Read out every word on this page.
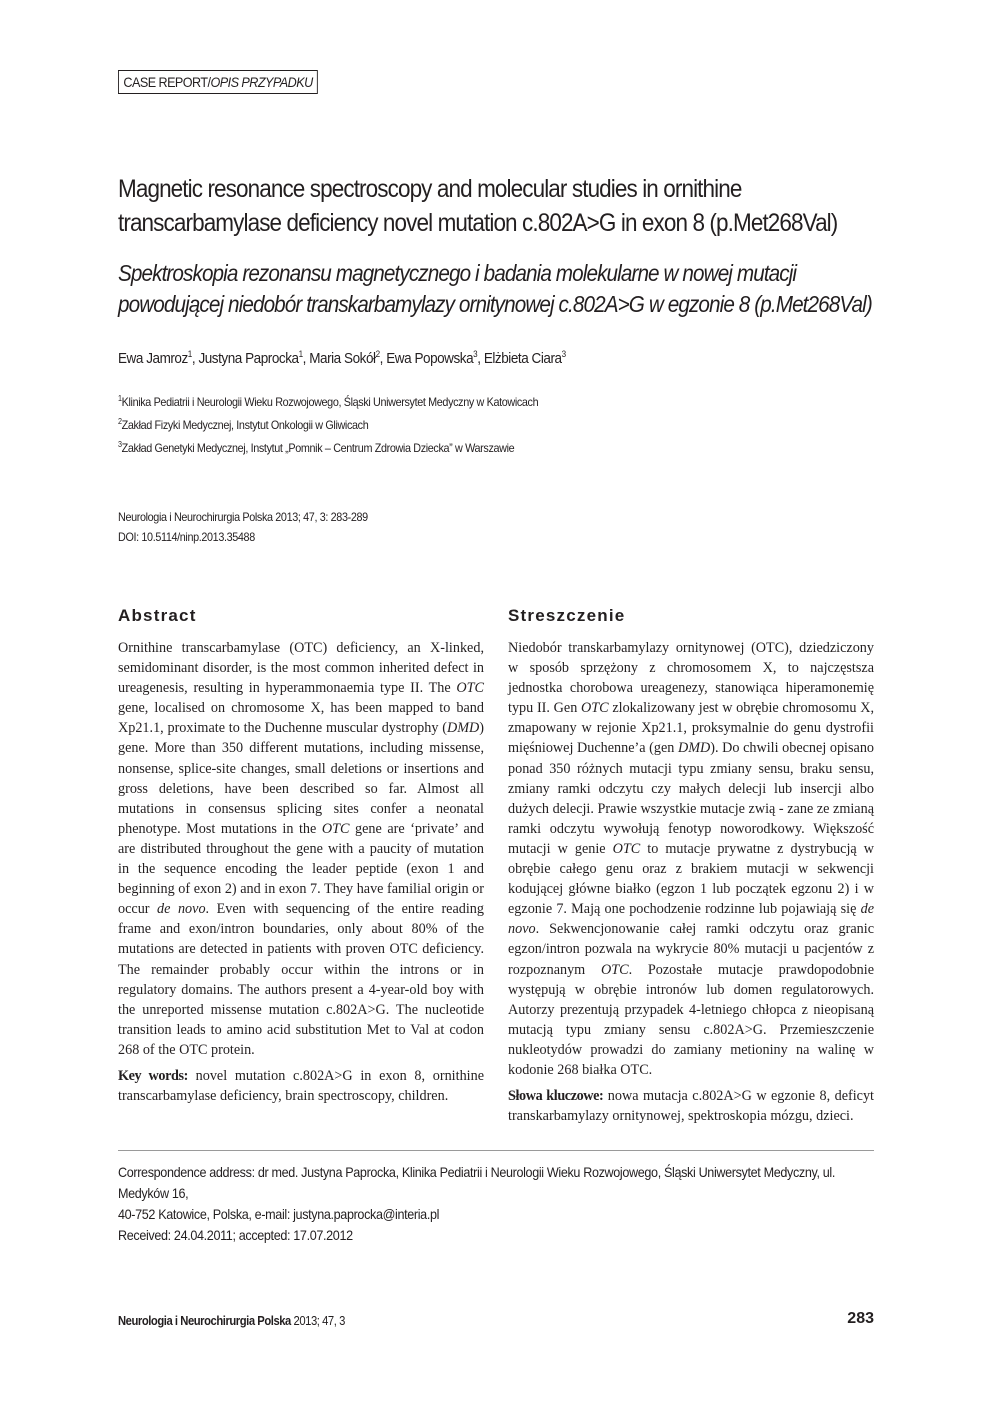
CASE REPORT/OPIS PRZYPADKU
Magnetic resonance spectroscopy and molecular studies in ornithine
transcarbamylase deficiency novel mutation c.802A>G in exon 8 (p.Met268Val)
Spektroskopia rezonansu magnetycznego i badania molekularne w nowej mutacji
powodującej niedobór transkarbamylazy ornitynowej c.802A>G w egzonie 8 (p.Met268Val)
Ewa Jamroz$^1$, Justyna Paprocka$^1$, Maria Sokół$^2$, Ewa Popowska$^3$, Elżbieta Ciara$^3$
$^1$Klinika Pediatrii i Neurologii Wieku Rozwojowego, Śląski Uniwersytet Medyczny w Katowicach
$^2$Zakład Fizyki Medycznej, Instytut Onkologii w Gliwicach
$^3$Zakład Genetyki Medycznej, Instytut „Pomnik – Centrum Zdrowia Dziecka” w Warszawie
Neurologia i Neurochirurgia Polska 2013; 47, 3: 283-289
DOI: 10.5114/ninp.2013.35488
Abstract	Streszczenie

Ornithine transcarbamylase (OTC) deficiency, an X-linked, semidominant disorder, is the most common inherited defect in ureagenesis, resulting in hyperammonaemia type II. The OTC gene, localised on chromosome X, has been mapped to band Xp21.1, proximate to the Duchenne muscular dystrophy (DMD) gene. More than 350 different mutations, including missense, nonsense, splice-site changes, small deletions or insertions and gross deletions, have been described so far. Almost all mutations in consensus splicing sites confer a neonatal phenotype. Most mutations in the OTC gene are ‘private’ and are distributed throughout the gene with a paucity of mutation in the sequence encoding the leader peptide (exon 1 and beginning of exon 2) and in exon 7. They have familial origin or occur de novo. Even with sequencing of the entire reading frame and exon/intron boundaries, only about 80% of the mutations are detected in patients with proven OTC deficiency. The remainder probably occur within the introns or in regulatory domains. The authors present a 4-year-old boy with the unreported missense mutation c.802A>G. The nucleotide transition leads to amino acid substitution Met to Val at codon 268 of the OTC protein.

Key words: novel mutation c.802A>G in exon 8, ornithine transcarbamylase deficiency, brain spectroscopy, children.

Niedobór transkarbamylazy ornitynowej (OTC), dziedziczony w sposób sprzężony z chromosomem X, to najczęstsza jednostka chorobowa ureagenezy, stanowiąca hiperamonemię typu II. Gen OTC zlokalizowany jest w obrębie chromosomu X, zmapowany w rejonie Xp21.1, proksymalnie do genu dystrofii mięśniowej Duchenne’a (gen DMD). Do chwili obecnej opisano ponad 350 różnych mutacji typu zmiany sensu, braku sensu, zmiany ramki odczytu czy małych delecji lub insercji albo dużych delecji. Prawie wszystkie mutacje zwią - zane ze zmianą ramki odczytu wywołują fenotyp noworodkowy. Większość mutacji w genie OTC to mutacje prywatne z dystrybucją w obrębie całego genu oraz z brakiem mutacji w sekwencji kodującej główne białko (egzon 1 lub początek egzonu 2) i w egzonie 7. Mają one pochodzenie rodzinne lub pojawiają się de novo. Sekwencjonowanie całej ramki odczytu oraz granic egzon/intron pozwala na wykrycie 80% mutacji u pacjentów z rozpoznanym OTC. Pozostałe mutacje prawdopodobnie występują w obrębie intronów lub domen regulatorowych. Autorzy prezentują przypadek 4-letniego chłopca z nieopisaną mutacją typu zmiany sensu c.802A>G. Przemieszczenie nukleotydów prowadzi do zamiany metioniny na walinę w kodonie 268 białka OTC.

Słowa kluczowe: nowa mutacja c.802A>G w egzonie 8, deficyt transkarbamylazy ornitynowej, spektroskopia mózgu, dzieci.

Correspondence address: dr med. Justyna Paprocka, Klinika Pediatrii i Neurologii Wieku Rozwojowego, Śląski Uniwersytet Medyczny, ul. Medyków 16,
40-752 Katowice, Polska, e-mail: justyna.paprocka@interia.pl
Received: 24.04.2011; accepted: 17.07.2012
Neurologia i Neurochirurgia Polska 2013; 47, 3	283
